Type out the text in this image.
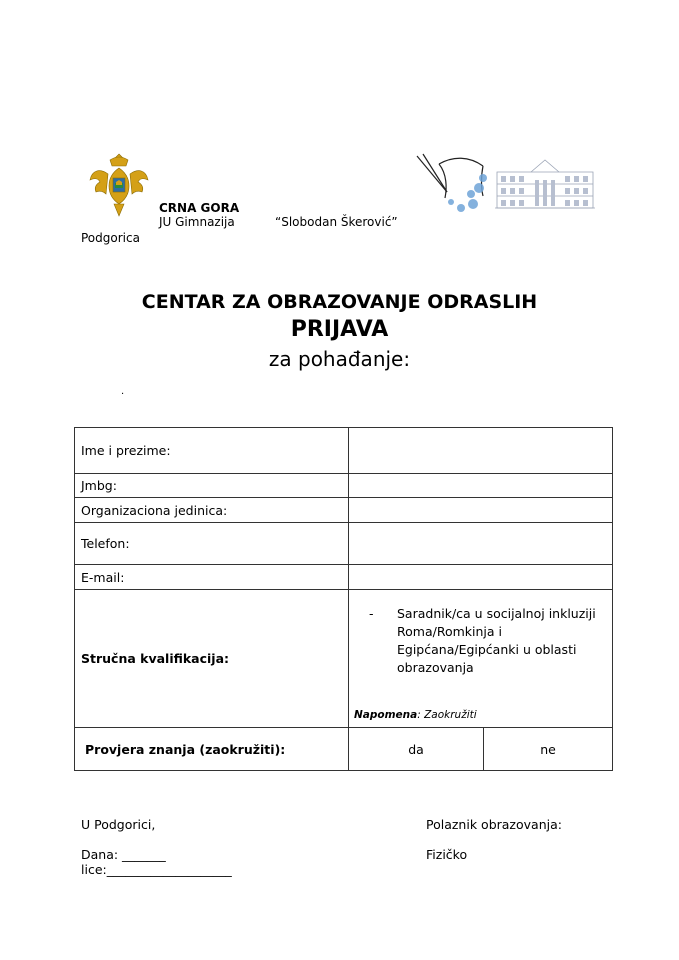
CRNA GORA
JU Gimnazija	“Slobodan Škerović”
Podgorica
CENTAR ZA OBRAZOVANJE ODRASLIH
PRIJAVA
za pohađanje:
.
Ime i prezime:		
Jmbg:		
Organizaciona jedinica:		
Telefon:		
E-mail:		
Stručna kvalifikacija:	- Saradnik/ca u socijalnoj inkluziji Roma/Romkinja i Egipćana/Egipćanki u oblasti obrazovanja
Napomena: Zaokružiti	

Provjera znanja (zaokružiti):	da	ne
U Podgorici,	Polaznik obrazovanja:
Dana: _______	Fizičko
lice:____________________
